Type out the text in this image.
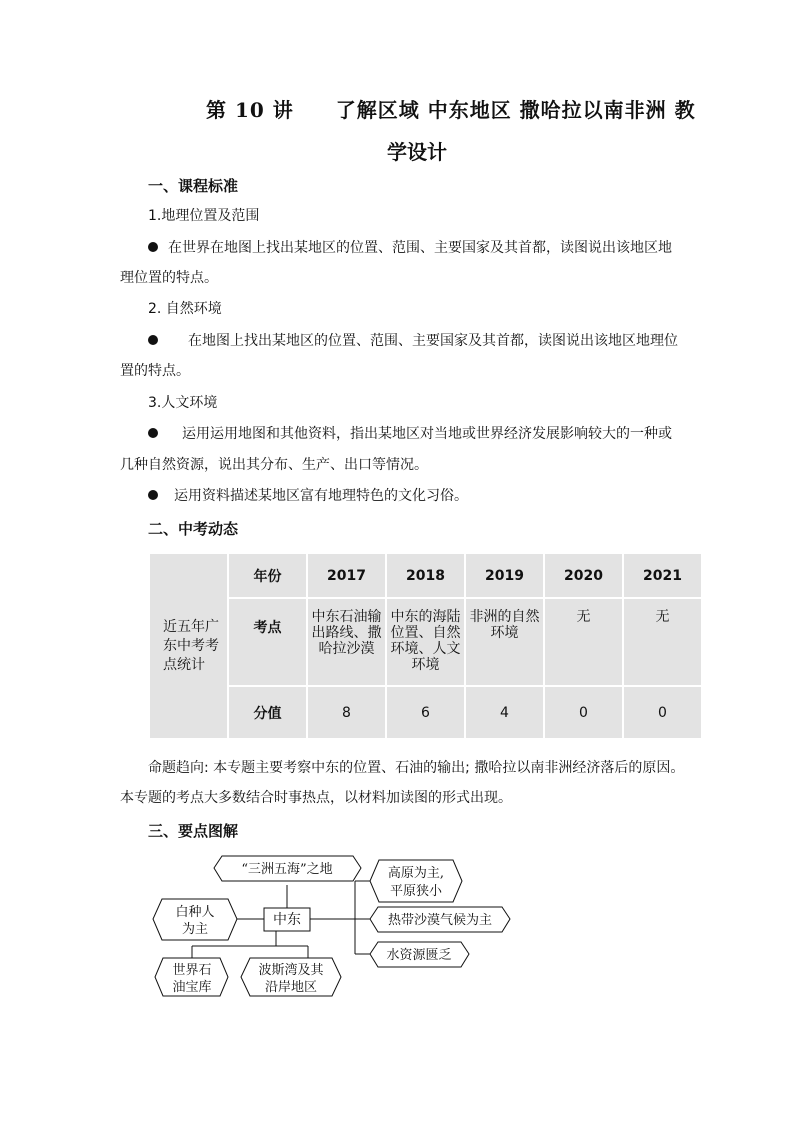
第 10 讲　　了解区域 中东地区 撒哈拉以南非洲 教
学设计
一、课程标准
1.地理位置及范围
在世界在地图上找出某地区的位置、范围、主要国家及其首都，读图说出该地区地
理位置的特点。
2. 自然环境
在地图上找出某地区的位置、范围、主要国家及其首都，读图说出该地区地理位
置的特点。
3.人文环境
运用运用地图和其他资料，指出某地区对当地或世界经济发展影响较大的一种或
几种自然资源，说出其分布、生产、出口等情况。
运用资料描述某地区富有地理特色的文化习俗。
二、中考动态
近五年广东中考考点统计	年份	2017	2018	2019	2020	2021
	考点	中东石油输出路线、撒哈拉沙漠	中东的海陆位置、自然环境、人文环境	非洲的自然环境	无	无
	分值	8	6	4	0	0
命题趋向: 本专题主要考察中东的位置、石油的输出; 撒哈拉以南非洲经济落后的原因。
本专题的考点大多数结合时事热点，以材料加读图的形式出现。
三、要点图解
“三洲五海”之地
中东
白种人
为主
世界石
油宝库
波斯湾及其
沿岸地区
高原为主,
平原狭小
热带沙漠气候为主
水资源匮乏
